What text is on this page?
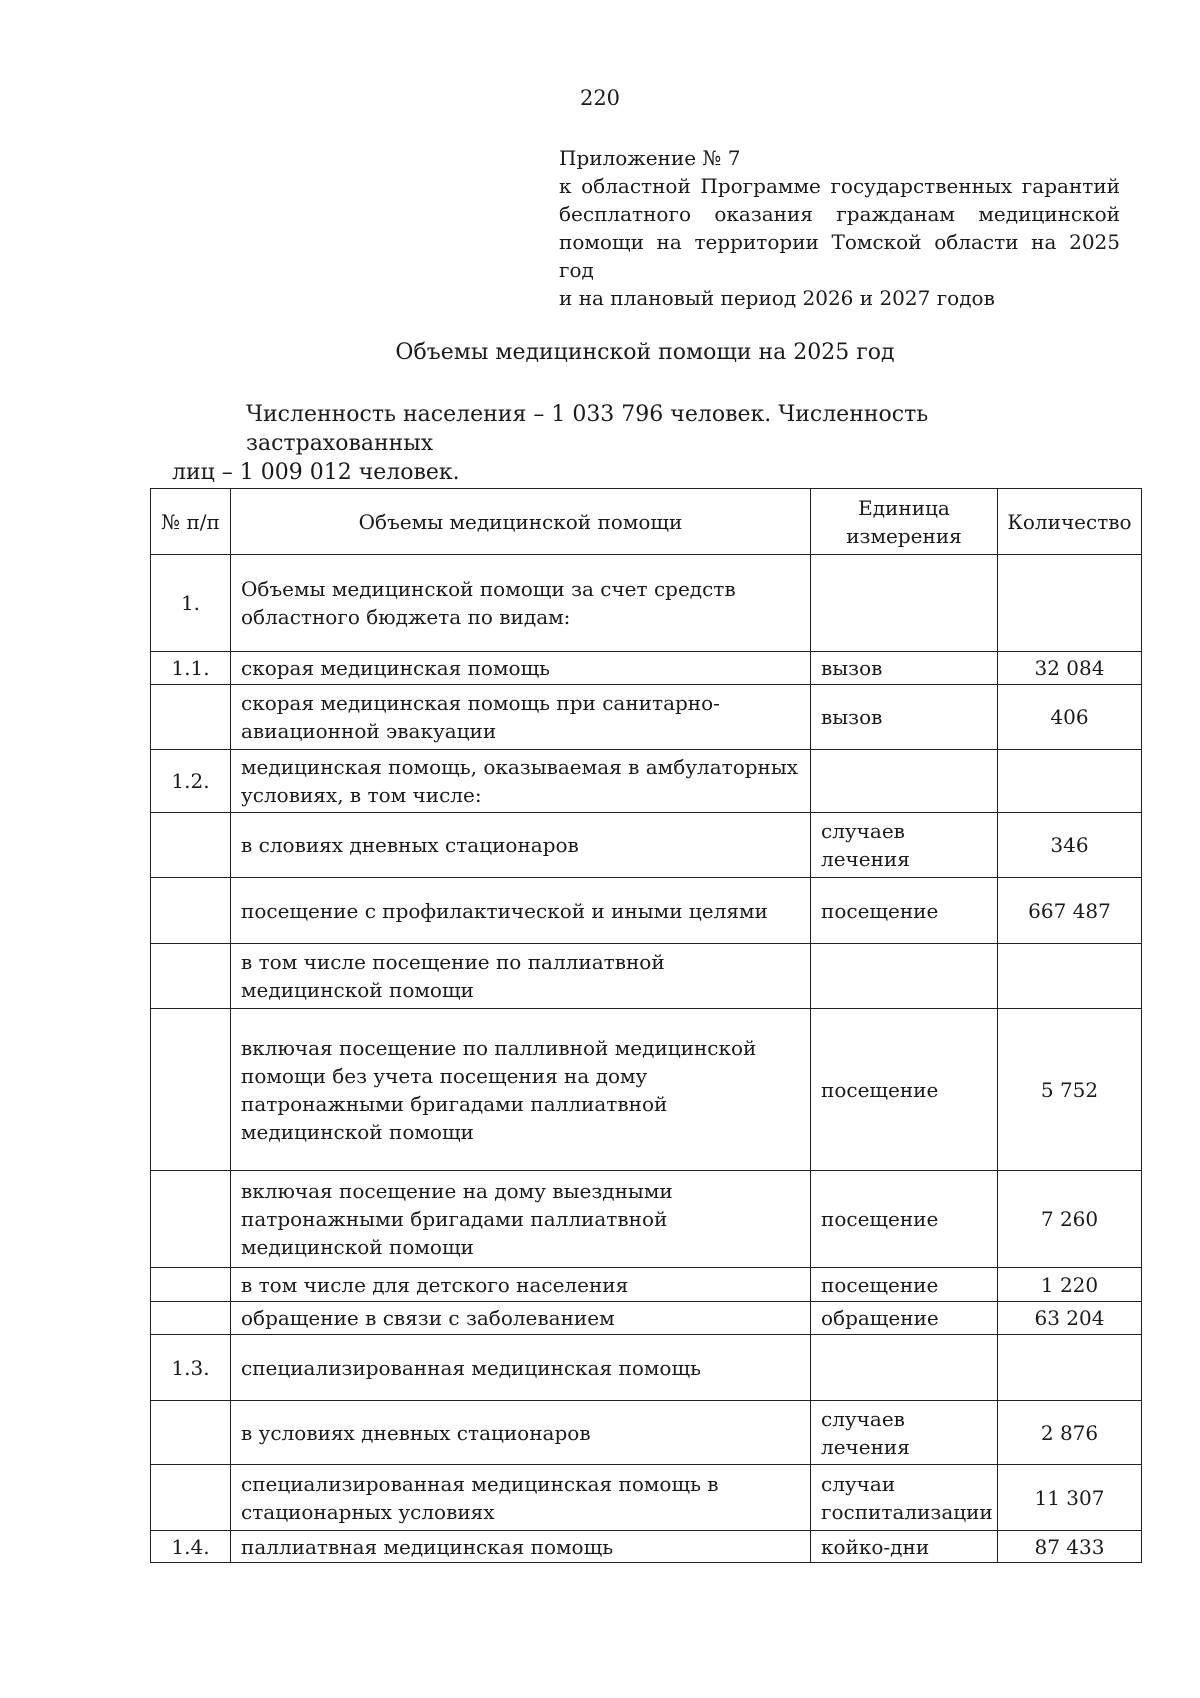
220
Приложение № 7
к областной Программе государственных гарантий
бесплатного оказания гражданам медицинской
помощи на территории Томской области на 2025 год
и на плановый период 2026 и 2027 годов
Объемы медицинской помощи на 2025 год
Численность населения – 1 033 796 человек. Численность застрахованных
лиц – 1 009 012 человек.
№ п/п	Объемы медицинской помощи	Единица измерения	Количество
1.	Объемы медицинской помощи за счет средств областного бюджета по видам:		
1.1.	скорая медицинская помощь	вызов	32 084
	скорая медицинская помощь при санитарно-авиационной эвакуации	вызов	406
1.2.	медицинская помощь, оказываемая в амбулаторных условиях, в том числе:		
	в словиях дневных стационаров	случаев лечения	346
	посещение с профилактической и иными целями	посещение	667 487
	в том числе посещение по паллиатвной медицинской помощи		
	включая посещение по палливной медицинской помощи без учета посещения на дому патронажными бригадами паллиатвной медицинской помощи	посещение	5 752
	включая посещение на дому выездными патронажными бригадами паллиатвной медицинской помощи	посещение	7 260
	в том числе для детского населения	посещение	1 220
	обращение в связи с заболеванием	обращение	63 204
1.3.	специализированная медицинская помощь		
	в условиях дневных стационаров	случаев лечения	2 876
	специализированная медицинская помощь в стационарных условиях	случаи госпитализации	11 307
1.4.	паллиатвная медицинская помощь	койко-дни	87 433
